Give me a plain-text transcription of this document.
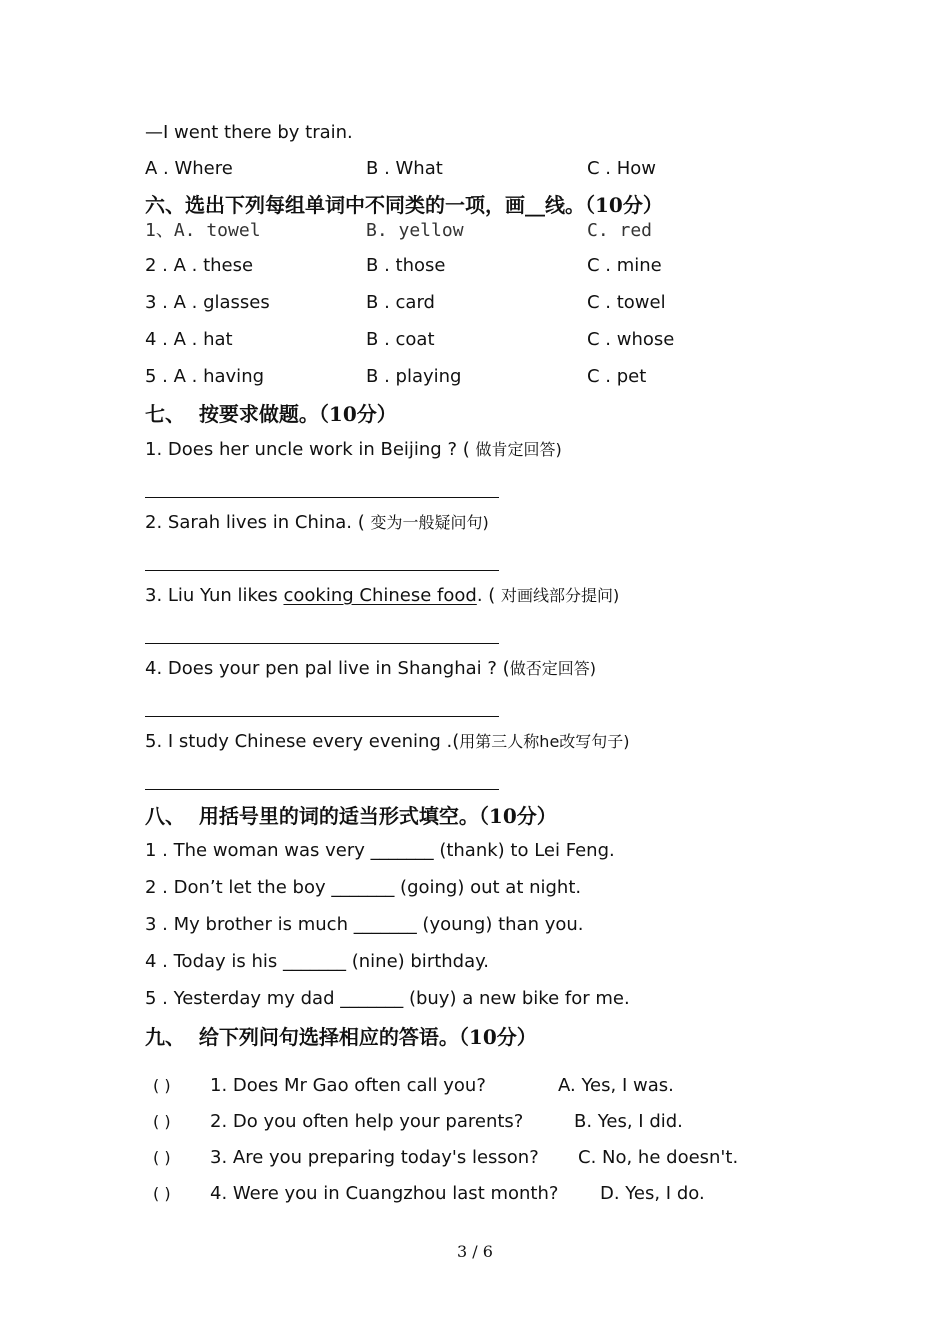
—I went there by train.
A . Where	B . What	C . How
六、选出下列每组单词中不同类的一项，画__线。（10分）
1、A. towel	B. yellow	C. red
2 . A . these	B . those	C . mine
3 . A . glasses	B . card	C . towel
4 . A . hat	B . coat	C . whose
5 . A . having	B . playing	C . pet
七、  按要求做题。（10分）
1. Does her uncle work in Beijing ? ( 做肯定回答)
2. Sarah lives in China. ( 变为一般疑问句)
3. Liu Yun likes cooking Chinese food. ( 对画线部分提问)
4. Does your pen pal live in Shanghai ? (做否定回答)
5. I study Chinese every evening .(用第三人称he改写句子)
八、  用括号里的词的适当形式填空。（10分）
1 . The woman was very _______ (thank) to Lei Feng.
2 . Don’t let the boy _______ (going) out at night.
3 . My brother is much _______ (young) than you.
4 . Today is his _______ (nine) birthday.
5 . Yesterday my dad _______ (buy) a new bike for me.
九、  给下列问句选择相应的答语。（10分）
( ) 1. Does Mr Gao often call you?	A. Yes, I was.
( ) 2. Do you often help your parents?	B. Yes, I did.
( ) 3. Are you preparing today's lesson? C. No, he doesn't.
( ) 4. Were you in Cuangzhou last month? D. Yes, I do.
3 / 6
